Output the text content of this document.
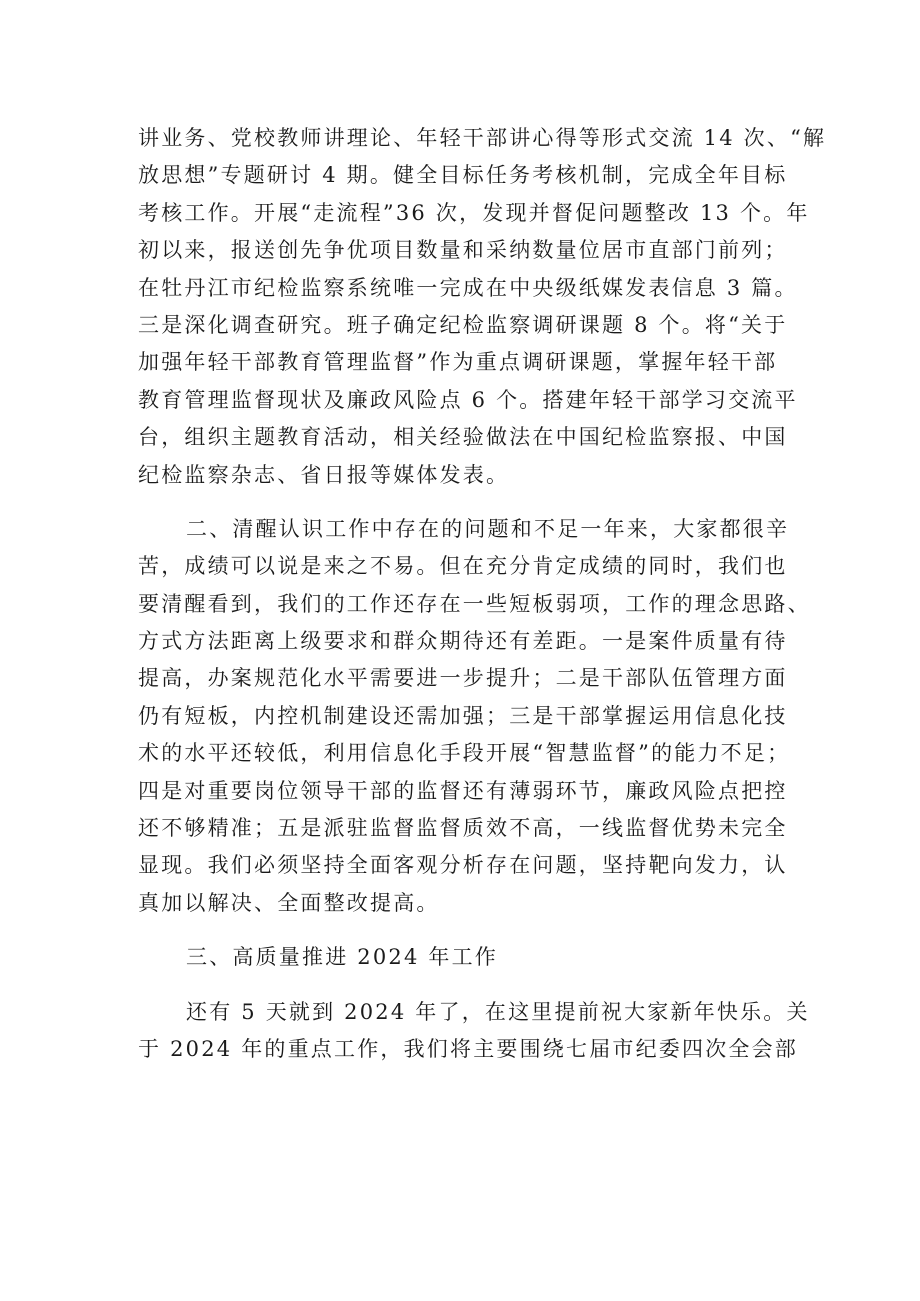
讲业务、党校教师讲理论、年轻干部讲心得等形式交流 14 次、“解
放思想”专题研讨 4 期。健全目标任务考核机制，完成全年目标
考核工作。开展“走流程”36 次，发现并督促问题整改 13 个。年
初以来，报送创先争优项目数量和采纳数量位居市直部门前列；
在牡丹江市纪检监察系统唯一完成在中央级纸媒发表信息 3 篇。
三是深化调查研究。班子确定纪检监察调研课题 8 个。将“关于
加强年轻干部教育管理监督”作为重点调研课题，掌握年轻干部
教育管理监督现状及廉政风险点 6 个。搭建年轻干部学习交流平
台，组织主题教育活动，相关经验做法在中国纪检监察报、中国
纪检监察杂志、省日报等媒体发表。
二、清醒认识工作中存在的问题和不足一年来，大家都很辛
苦，成绩可以说是来之不易。但在充分肯定成绩的同时，我们也
要清醒看到，我们的工作还存在一些短板弱项，工作的理念思路、
方式方法距离上级要求和群众期待还有差距。一是案件质量有待
提高，办案规范化水平需要进一步提升；二是干部队伍管理方面
仍有短板，内控机制建设还需加强；三是干部掌握运用信息化技
术的水平还较低，利用信息化手段开展“智慧监督”的能力不足；
四是对重要岗位领导干部的监督还有薄弱环节，廉政风险点把控
还不够精准；五是派驻监督监督质效不高，一线监督优势未完全
显现。我们必须坚持全面客观分析存在问题，坚持靶向发力，认
真加以解决、全面整改提高。
三、高质量推进 2024 年工作
还有 5 天就到 2024 年了，在这里提前祝大家新年快乐。关
于 2024 年的重点工作，我们将主要围绕七届市纪委四次全会部
